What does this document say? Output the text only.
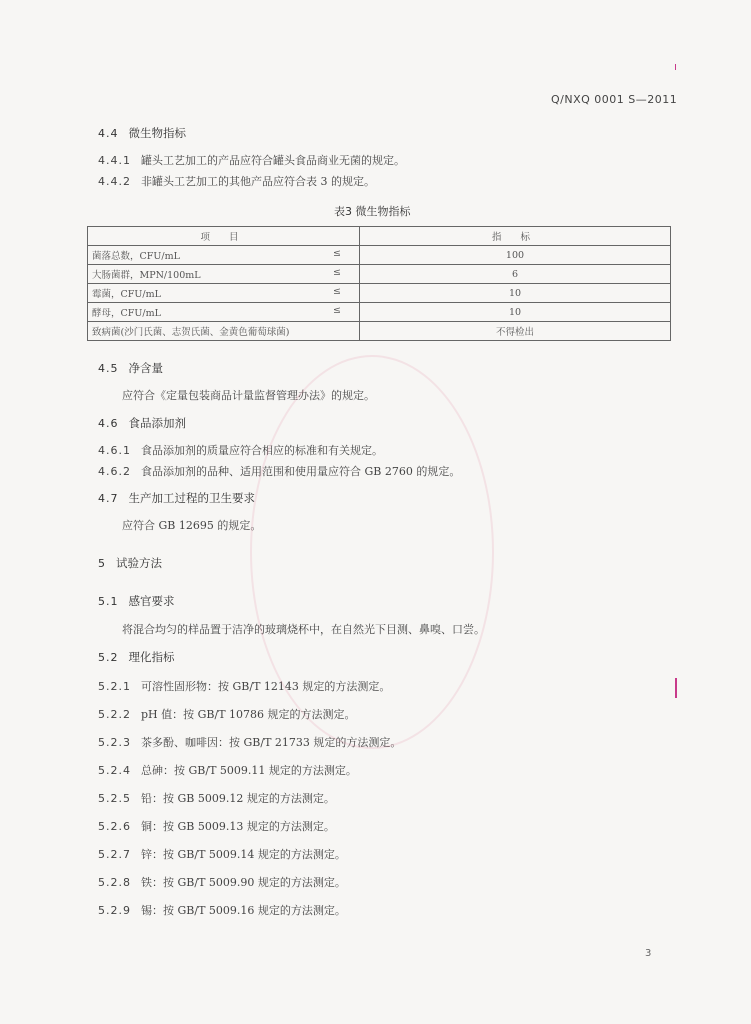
Q/NXQ 0001 S—2011
4.4 微生物指标
4.4.1 罐头工艺加工的产品应符合罐头食品商业无菌的规定。
4.4.2 非罐头工艺加工的其他产品应符合表 3 的规定。
表3 微生物指标
项 目	指 标
菌落总数，CFU/mL ≤	100
大肠菌群，MPN/100mL ≤	6
霉菌，CFU/mL ≤	10
酵母，CFU/mL ≤	10
致病菌(沙门氏菌、志贺氏菌、金黄色葡萄球菌)	不得检出
4.5 净含量
应符合《定量包装商品计量监督管理办法》的规定。
4.6 食品添加剂
4.6.1 食品添加剂的质量应符合相应的标准和有关规定。
4.6.2 食品添加剂的品种、适用范围和使用量应符合 GB 2760 的规定。
4.7 生产加工过程的卫生要求
应符合 GB 12695 的规定。
5 试验方法
5.1 感官要求
将混合均匀的样品置于洁净的玻璃烧杯中，在自然光下目测、鼻嗅、口尝。
5.2 理化指标
5.2.1 可溶性固形物：按 GB/T 12143 规定的方法测定。
5.2.2 pH 值：按 GB/T 10786 规定的方法测定。
5.2.3 茶多酚、咖啡因：按 GB/T 21733 规定的方法测定。
5.2.4 总砷：按 GB/T 5009.11 规定的方法测定。
5.2.5 铅：按 GB 5009.12 规定的方法测定。
5.2.6 铜：按 GB 5009.13 规定的方法测定。
5.2.7 锌：按 GB/T 5009.14 规定的方法测定。
5.2.8 铁：按 GB/T 5009.90 规定的方法测定。
5.2.9 锡：按 GB/T 5009.16 规定的方法测定。
3
